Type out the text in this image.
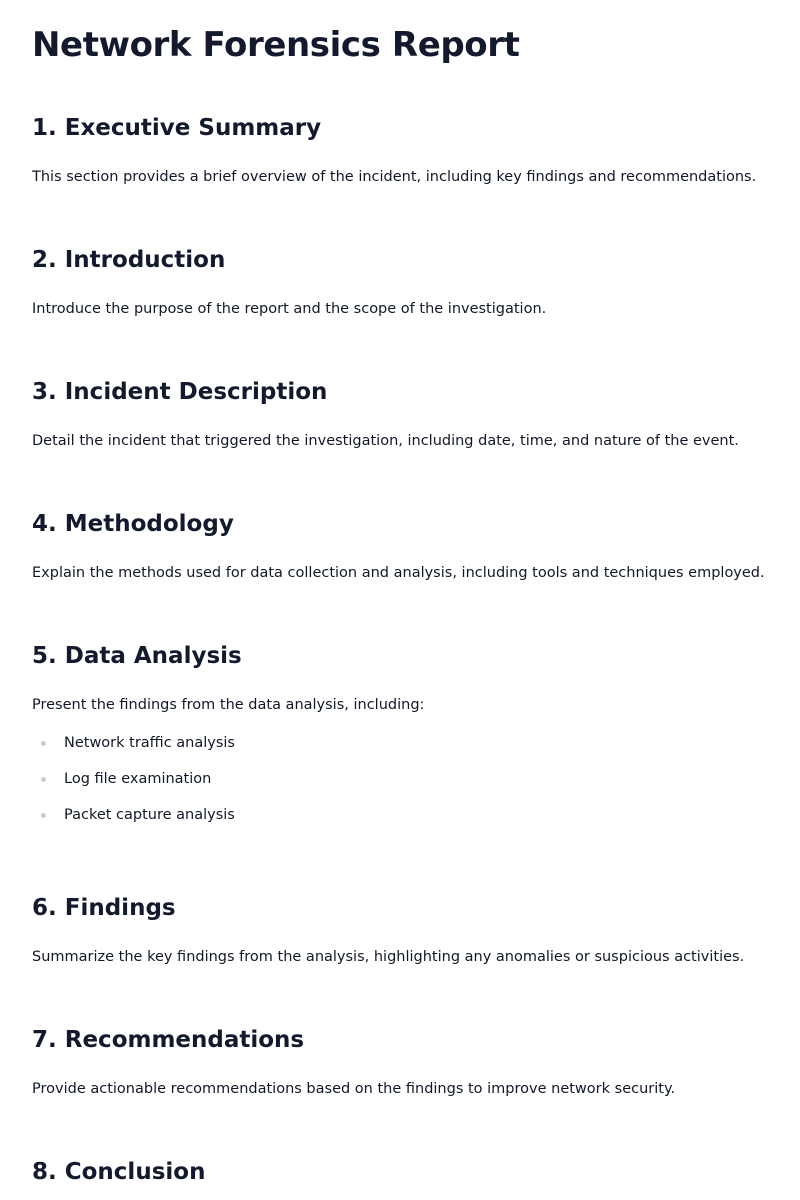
Network Forensics Report
1. Executive Summary

This section provides a brief overview of the incident, including key findings and recommendations.

2. Introduction

Introduce the purpose of the report and the scope of the investigation.

3. Incident Description

Detail the incident that triggered the investigation, including date, time, and nature of the event.

4. Methodology

Explain the methods used for data collection and analysis, including tools and techniques employed.

5. Data Analysis

Present the findings from the data analysis, including:

Network traffic analysis
Log file examination
Packet capture analysis
6. Findings

Summarize the key findings from the analysis, highlighting any anomalies or suspicious activities.

7. Recommendations

Provide actionable recommendations based on the findings to improve network security.

8. Conclusion
